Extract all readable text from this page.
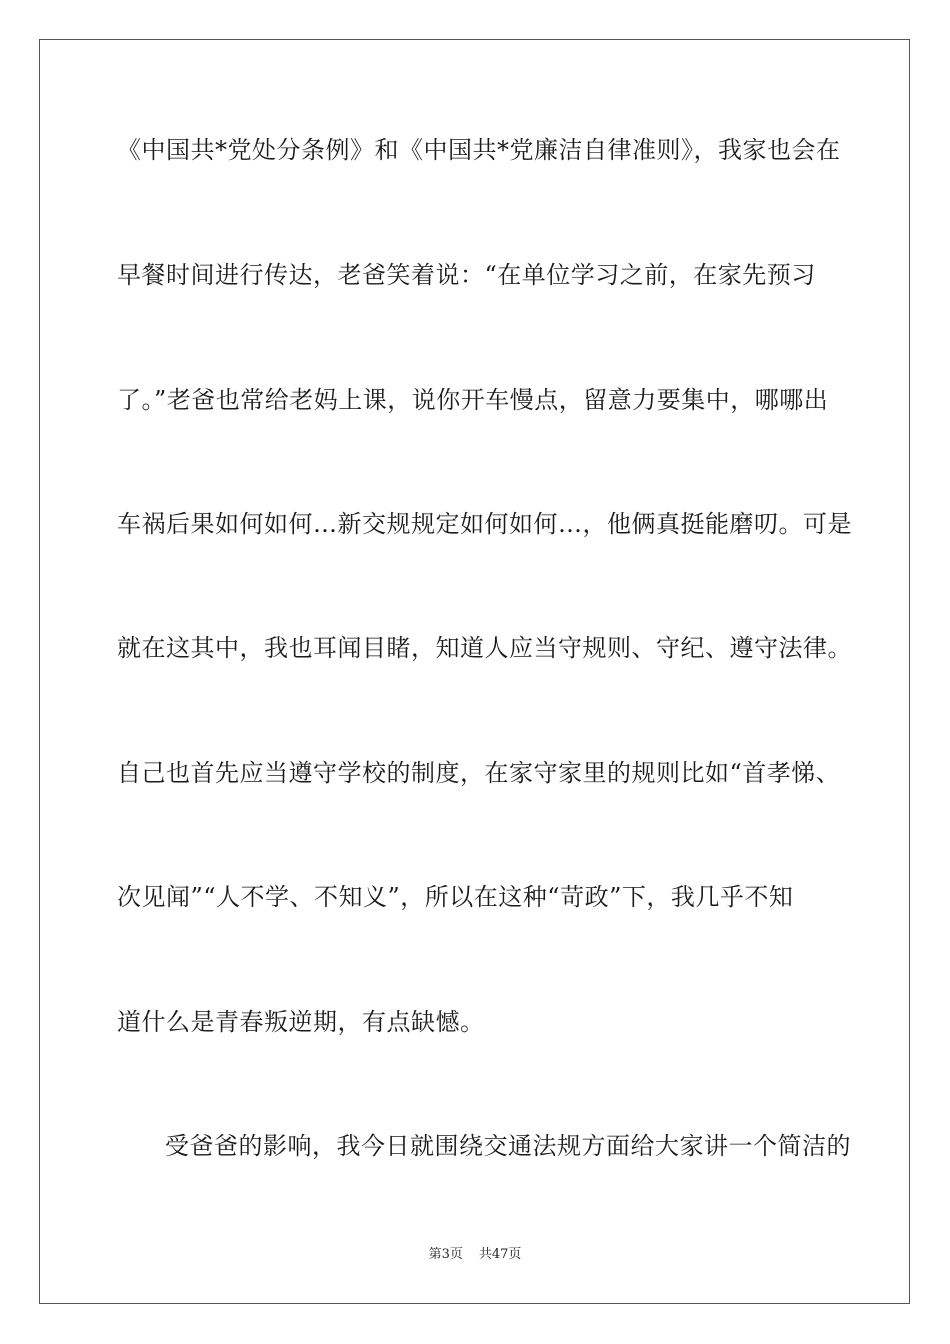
《中国共*党处分条例》和《中国共*党廉洁自律准则》，我家也会在
早餐时间进行传达，老爸笑着说：“在单位学习之前，在家先预习
了。”老爸也常给老妈上课，说你开车慢点，留意力要集中，哪哪出
车祸后果如何如何…新交规规定如何如何…，他俩真挺能磨叨。可是
就在这其中，我也耳闻目睹，知道人应当守规则、守纪、遵守法律。
自己也首先应当遵守学校的制度，在家守家里的规则比如“首孝悌、
次见闻”“人不学、不知义”，所以在这种“苛政”下，我几乎不知
道什么是青春叛逆期，有点缺憾。
受爸爸的影响，我今日就围绕交通法规方面给大家讲一个简洁的
第3页 共47页
